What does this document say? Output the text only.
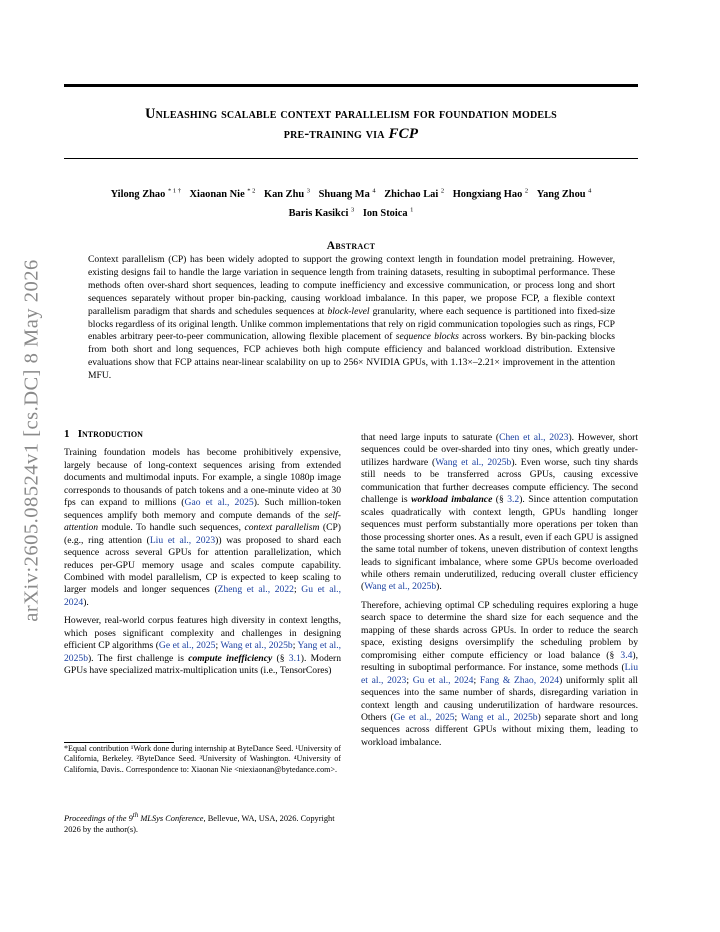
arXiv:2605.08524v1 [cs.DC] 8 May 2026
Unleashing scalable context parallelism for foundation models
pre-training via FCP
Yilong Zhao $^{* 1 \dagger}$ Xiaonan Nie $^{* 2}$ Kan Zhu $^3$ Shuang Ma $^4$ Zhichao Lai $^2$ Hongxiang Hao $^2$ Yang Zhou $^4$
Baris Kasikci $^3$ Ion Stoica $^1$
Abstract
Context parallelism (CP) has been widely adopted to support the growing context length in foundation model pretraining. However, existing designs fail to handle the large variation in sequence length from training datasets, resulting in suboptimal performance. These methods often over-shard short sequences, leading to compute inefficiency and excessive communication, or process long and short sequences separately without proper bin-packing, causing workload imbalance. In this paper, we propose FCP, a flexible context parallelism paradigm that shards and schedules sequences at block-level granularity, where each sequence is partitioned into fixed-size blocks regardless of its original length. Unlike common implementations that rely on rigid communication topologies such as rings, FCP enables arbitrary peer-to-peer communication, allowing flexible placement of sequence blocks across workers. By bin-packing blocks from both short and long sequences, FCP achieves both high compute efficiency and balanced workload distribution. Extensive evaluations show that FCP attains near-linear scalability on up to 256× NVIDIA GPUs, with 1.13×–2.21× improvement in the attention MFU.
1 Introduction

Training foundation models has become prohibitively expensive, largely because of long-context sequences arising from extended documents and multimodal inputs. For example, a single 1080p image corresponds to thousands of patch tokens and a one-minute video at 30 fps can expand to millions (Gao et al., 2025). Such million-token sequences amplify both memory and compute demands of the self-attention module. To handle such sequences, context parallelism (CP) (e.g., ring attention (Liu et al., 2023)) was proposed to shard each sequence across several GPUs for attention parallelization, which reduces per-GPU memory usage and scales compute capability. Combined with model parallelism, CP is expected to keep scaling to larger models and longer sequences (Zheng et al., 2022; Gu et al., 2024).

However, real-world corpus features high diversity in context lengths, which poses significant complexity and challenges in designing efficient CP algorithms (Ge et al., 2025; Wang et al., 2025b; Yang et al., 2025b). The first challenge is compute inefficiency (§ 3.1). Modern GPUs have specialized matrix-multiplication units (i.e., TensorCores)

*Equal contribution ¹Work done during internship at ByteDance Seed. ¹University of California, Berkeley. ²ByteDance Seed. ³University of Washington. ⁴University of California, Davis.. Correspondence to: Xiaonan Nie <niexiaonan@bytedance.com>.
Proceedings of the 9th MLSys Conference, Bellevue, WA, USA, 2026. Copyright 2026 by the author(s).

that need large inputs to saturate (Chen et al., 2023). However, short sequences could be over-sharded into tiny ones, which greatly under-utilizes hardware (Wang et al., 2025b). Even worse, such tiny shards still needs to be transferred across GPUs, causing excessive communication that further decreases compute efficiency. The second challenge is workload imbalance (§ 3.2). Since attention computation scales quadratically with context length, GPUs handling longer sequences must perform substantially more operations per token than those processing shorter ones. As a result, even if each GPU is assigned the same total number of tokens, uneven distribution of context lengths leads to significant imbalance, where some GPUs become overloaded while others remain underutilized, reducing overall cluster efficiency (Wang et al., 2025b).

Therefore, achieving optimal CP scheduling requires exploring a huge search space to determine the shard size for each sequence and the mapping of these shards across GPUs. In order to reduce the search space, existing designs oversimplify the scheduling problem by compromising either compute efficiency or load balance (§ 3.4), resulting in suboptimal performance. For instance, some methods (Liu et al., 2023; Gu et al., 2024; Fang & Zhao, 2024) uniformly split all sequences into the same number of shards, disregarding variation in context length and causing underutilization of hardware resources. Others (Ge et al., 2025; Wang et al., 2025b) separate short and long sequences across different GPUs without mixing them, leading to workload imbalance.
